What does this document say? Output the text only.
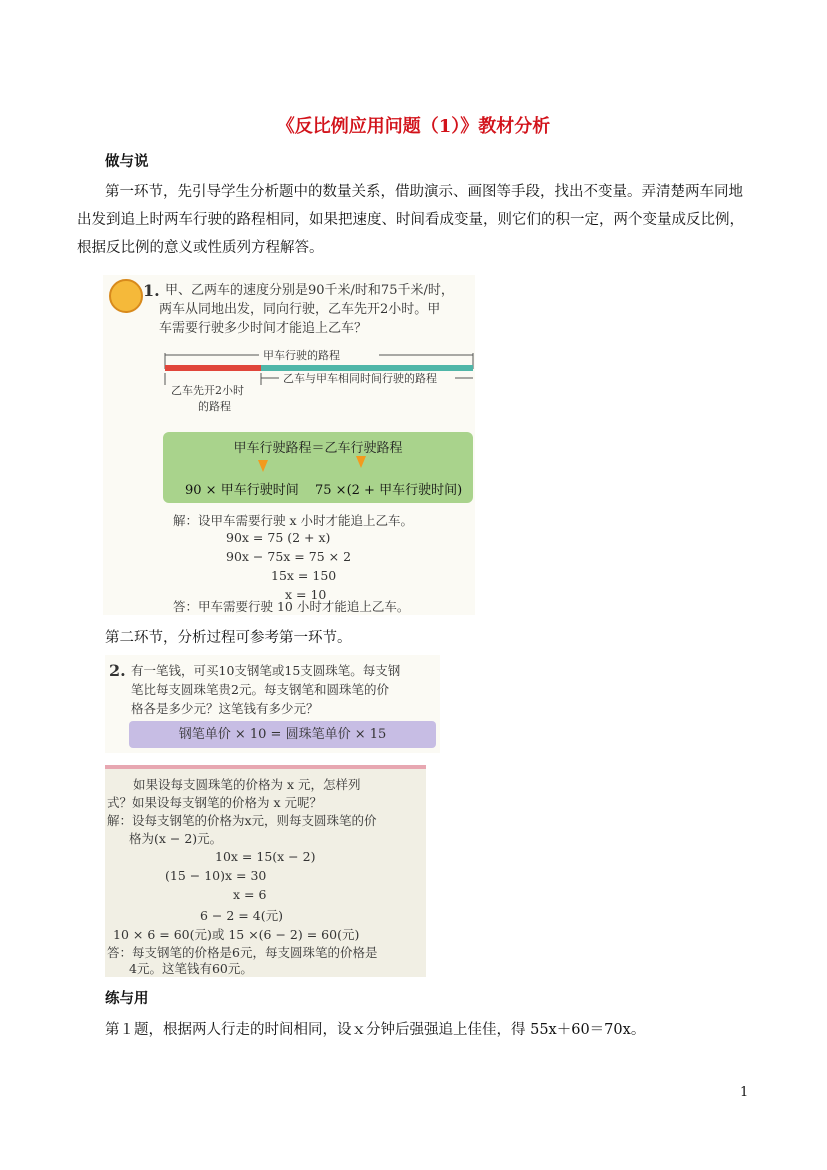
《反比例应用问题（1）》教材分析
做与说
第一环节，先引导学生分析题中的数量关系，借助演示、画图等手段，找出不变量。弄清楚两车同地出发到追上时两车行驶的路程相同，如果把速度、时间看成变量，则它们的积一定，两个变量成反比例，根据反比例的意义或性质列方程解答。
1. 甲、乙两车的速度分别是90千米/时和75千米/时，
两车从同地出发，同向行驶，乙车先开2小时。甲
车需要行驶多少时间才能追上乙车？
甲车行驶的路程
乙车与甲车相同时间行驶的路程
乙车先开2小时
的路程
甲车行驶路程＝乙车行驶路程
90 × 甲车行驶时间 75 ×(2 + 甲车行驶时间)
解：设甲车需要行驶 x 小时才能追上乙车。
90x = 75 (2 + x)
90x − 75x = 75 × 2
15x = 150
x = 10
答：甲车需要行驶 10 小时才能追上乙车。
第二环节，分析过程可参考第一环节。
2. 有一笔钱，可买10支钢笔或15支圆珠笔。每支钢
笔比每支圆珠笔贵2元。每支钢笔和圆珠笔的价
格各是多少元？这笔钱有多少元？
钢笔单价 × 10 = 圆珠笔单价 × 15
如果设每支圆珠笔的价格为 x 元，怎样列
式？如果设每支钢笔的价格为 x 元呢？
解：设每支钢笔的价格为x元，则每支圆珠笔的价
格为(x − 2)元。
10x = 15(x − 2)
(15 − 10)x = 30
x = 6
6 − 2 = 4(元)
10 × 6 = 60(元)或 15 ×(6 − 2) = 60(元)
答：每支钢笔的价格是6元，每支圆珠笔的价格是
4元。这笔钱有60元。
练与用
第１题，根据两人行走的时间相同，设ｘ分钟后强强追上佳佳，得 55x＋60＝70x。
1
